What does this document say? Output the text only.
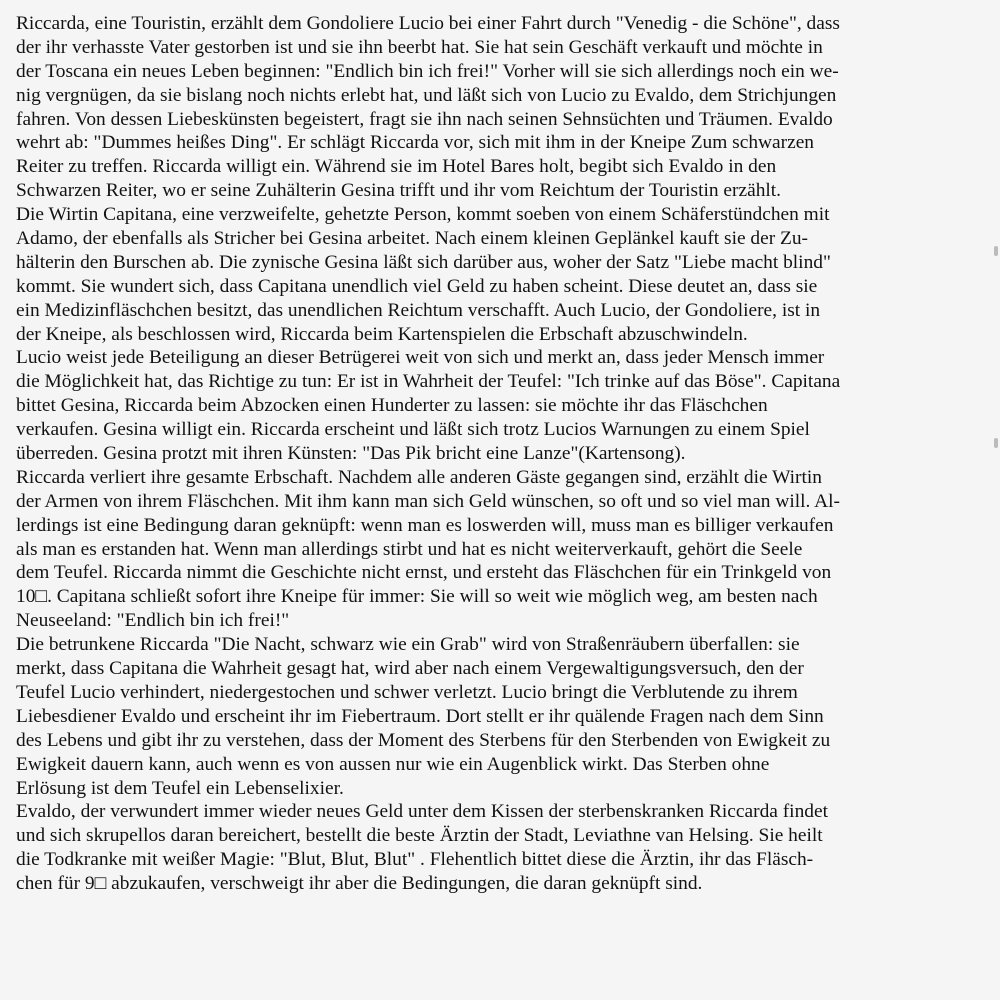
Riccarda, eine Touristin, erzählt dem Gondoliere Lucio bei einer Fahrt durch "Venedig - die Schöne", dass
der ihr verhasste Vater gestorben ist und sie ihn beerbt hat. Sie hat sein Geschäft verkauft und möchte in
der Toscana ein neues Leben beginnen: "Endlich bin ich frei!" Vorher will sie sich allerdings noch ein we-
nig vergnügen, da sie bislang noch nichts erlebt hat, und läßt sich von Lucio zu Evaldo, dem Strichjungen
fahren. Von dessen Liebeskünsten begeistert, fragt sie ihn nach seinen Sehnsüchten und Träumen. Evaldo
wehrt ab: "Dummes heißes Ding". Er schlägt Riccarda vor, sich mit ihm in der Kneipe Zum schwarzen
Reiter zu treffen. Riccarda willigt ein. Während sie im Hotel Bares holt, begibt sich Evaldo in den
Schwarzen Reiter, wo er seine Zuhälterin Gesina trifft und ihr vom Reichtum der Touristin erzählt.
Die Wirtin Capitana, eine verzweifelte, gehetzte Person, kommt soeben von einem Schäferstündchen mit
Adamo, der ebenfalls als Stricher bei Gesina arbeitet. Nach einem kleinen Geplänkel kauft sie der Zu-
hälterin den Burschen ab. Die zynische Gesina läßt sich darüber aus, woher der Satz "Liebe macht blind"
kommt. Sie wundert sich, dass Capitana unendlich viel Geld zu haben scheint. Diese deutet an, dass sie
ein Medizinfläschchen besitzt, das unendlichen Reichtum verschafft. Auch Lucio, der Gondoliere, ist in
der Kneipe, als beschlossen wird, Riccarda beim Kartenspielen die Erbschaft abzuschwindeln.
Lucio weist jede Beteiligung an dieser Betrügerei weit von sich und merkt an, dass jeder Mensch immer
die Möglichkeit hat, das Richtige zu tun: Er ist in Wahrheit der Teufel: "Ich trinke auf das Böse". Capitana
bittet Gesina, Riccarda beim Abzocken einen Hunderter zu lassen: sie möchte ihr das Fläschchen
verkaufen. Gesina willigt ein. Riccarda erscheint und läßt sich trotz Lucios Warnungen zu einem Spiel
überreden. Gesina protzt mit ihren Künsten: "Das Pik bricht eine Lanze"(Kartensong).
Riccarda verliert ihre gesamte Erbschaft. Nachdem alle anderen Gäste gegangen sind, erzählt die Wirtin
der Armen von ihrem Fläschchen. Mit ihm kann man sich Geld wünschen, so oft und so viel man will. Al-
lerdings ist eine Bedingung daran geknüpft: wenn man es loswerden will, muss man es billiger verkaufen
als man es erstanden hat. Wenn man allerdings stirbt und hat es nicht weiterverkauft, gehört die Seele
dem Teufel. Riccarda nimmt die Geschichte nicht ernst, und ersteht das Fläschchen für ein Trinkgeld von
10□. Capitana schließt sofort ihre Kneipe für immer: Sie will so weit wie möglich weg, am besten nach
Neuseeland: "Endlich bin ich frei!"
Die betrunkene Riccarda "Die Nacht, schwarz wie ein Grab" wird von Straßenräubern überfallen: sie
merkt, dass Capitana die Wahrheit gesagt hat, wird aber nach einem Vergewaltigungsversuch, den der
Teufel Lucio verhindert, niedergestochen und schwer verletzt. Lucio bringt die Verblutende zu ihrem
Liebesdiener Evaldo und erscheint ihr im Fiebertraum. Dort stellt er ihr quälende Fragen nach dem Sinn
des Lebens und gibt ihr zu verstehen, dass der Moment des Sterbens für den Sterbenden von Ewigkeit zu
Ewigkeit dauern kann, auch wenn es von aussen nur wie ein Augenblick wirkt. Das Sterben ohne
Erlösung ist dem Teufel ein Lebenselixier.
Evaldo, der verwundert immer wieder neues Geld unter dem Kissen der sterbenskranken Riccarda findet
und sich skrupellos daran bereichert, bestellt die beste Ärztin der Stadt, Leviathne van Helsing. Sie heilt
die Todkranke mit weißer Magie: "Blut, Blut, Blut" . Flehentlich bittet diese die Ärztin, ihr das Fläsch-
chen für 9□ abzukaufen, verschweigt ihr aber die Bedingungen, die daran geknüpft sind.
